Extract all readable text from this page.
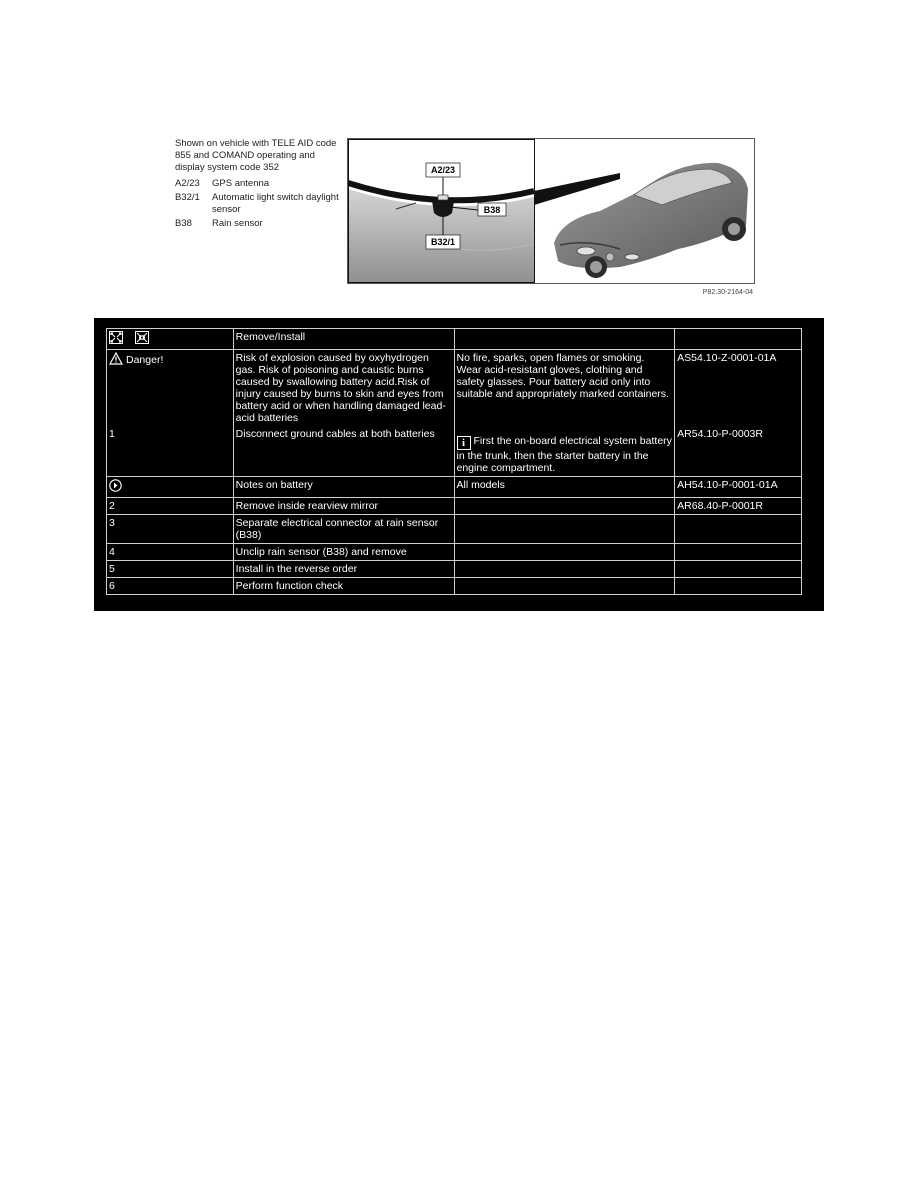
Shown on vehicle with TELE AID code 855 and COMAND operating and display system code 352
A2/23	GPS antenna
B32/1	Automatic light switch daylight sensor
B38	Rain sensor
A2/23
B38
B32/1
P82.30-2164-04
	Remove/Install		
Danger!	Risk of explosion caused by oxyhydrogen gas. Risk of poisoning and caustic burns caused by swallowing battery acid.Risk of injury caused by burns to skin and eyes from battery acid or when handling damaged lead-acid batteries	No fire, sparks, open flames or smoking. Wear acid-resistant gloves, clothing and safety glasses. Pour battery acid only into suitable and appropriately marked containers.	AS54.10-Z-0001-01A
1	Disconnect ground cables at both batteries	i First the on-board electrical system battery in the trunk, then the starter battery in the engine compartment.	AR54.10-P-0003R
	Notes on battery	All models	AH54.10-P-0001-01A
2	Remove inside rearview mirror		AR68.40-P-0001R
3	Separate electrical connector at rain sensor (B38)		
4	Unclip rain sensor (B38) and remove		
5	Install in the reverse order		
6	Perform function check		
